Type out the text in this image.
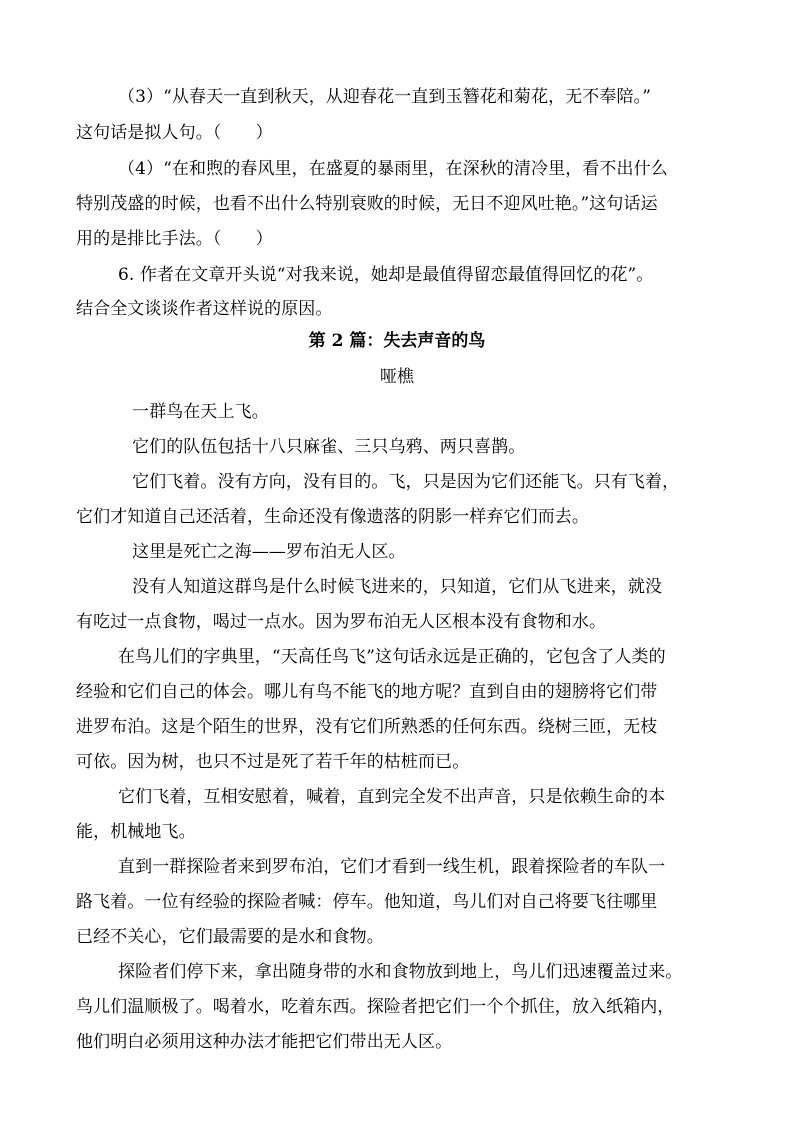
（3）“从春天一直到秋天，从迎春花一直到玉簪花和菊花，无不奉陪。”
这句话是拟人句。（　　）
（4）“在和煦的春风里，在盛夏的暴雨里，在深秋的清冷里，看不出什么
特别茂盛的时候，也看不出什么特别衰败的时候，无日不迎风吐艳。”这句话运
用的是排比手法。（　　）
6. 作者在文章开头说“对我来说，她却是最值得留恋最值得回忆的花”。
结合全文谈谈作者这样说的原因。
第 2 篇：失去声音的鸟
哑樵
一群鸟在天上飞。
它们的队伍包括十八只麻雀、三只乌鸦、两只喜鹊。
它们飞着。没有方向，没有目的。飞，只是因为它们还能飞。只有飞着，
它们才知道自己还活着，生命还没有像遗落的阴影一样弃它们而去。
这里是死亡之海——罗布泊无人区。
没有人知道这群鸟是什么时候飞进来的，只知道，它们从飞进来，就没
有吃过一点食物，喝过一点水。因为罗布泊无人区根本没有食物和水。
在鸟儿们的字典里，“天高任鸟飞”这句话永远是正确的，它包含了人类的
经验和它们自己的体会。哪儿有鸟不能飞的地方呢？直到自由的翅膀将它们带
进罗布泊。这是个陌生的世界，没有它们所熟悉的任何东西。绕树三匝，无枝
可依。因为树，也只不过是死了若千年的枯桩而已。
它们飞着，互相安慰着，喊着，直到完全发不出声音，只是依赖生命的本
能，机械地飞。
直到一群探险者来到罗布泊，它们才看到一线生机，跟着探险者的车队一
路飞着。一位有经验的探险者喊：停车。他知道，鸟儿们对自己将要飞往哪里
已经不关心，它们最需要的是水和食物。
探险者们停下来，拿出随身带的水和食物放到地上，鸟儿们迅速覆盖过来。
鸟儿们温顺极了。喝着水，吃着东西。探险者把它们一个个抓住，放入纸箱内，
他们明白必须用这种办法才能把它们带出无人区。
